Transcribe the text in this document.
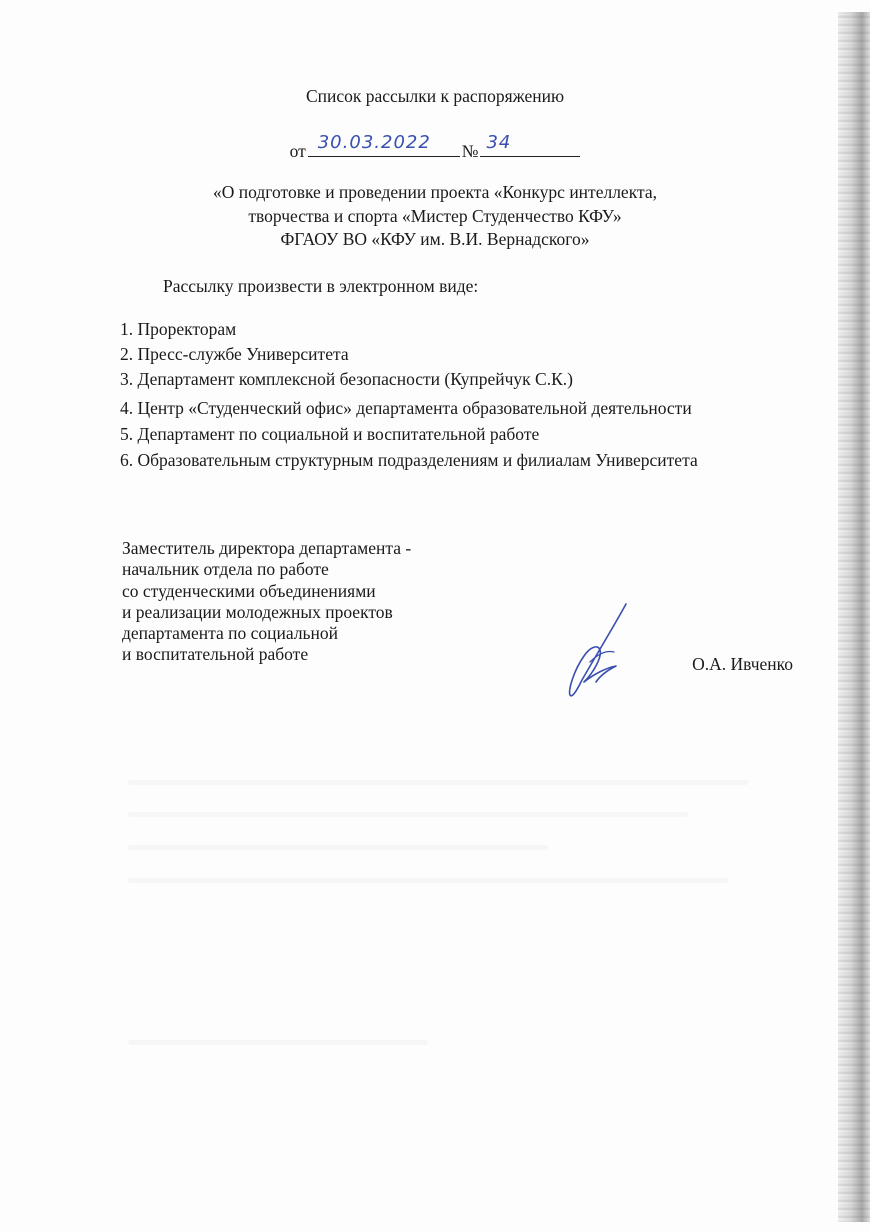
Список рассылки к распоряжению
от 30.03.2022 № 34
«О подготовке и проведении проекта «Конкурс интеллекта,
творчества и спорта «Мистер Студенчество КФУ»
ФГАОУ ВО «КФУ им. В.И. Вернадского»
Рассылку произвести в электронном виде:
1. Проректорам
2. Пресс-службе Университета
3. Департамент комплексной безопасности (Купрейчук С.К.)
4. Центр «Студенческий офис» департамента образовательной деятельности
5. Департамент по социальной и воспитательной работе
6. Образовательным структурным подразделениям и филиалам Университета
Заместитель директора департамента -
начальник отдела по работе
со студенческими объединениями
и реализации молодежных проектов
департамента по социальной
и воспитательной работе	О.А. Ивченко
